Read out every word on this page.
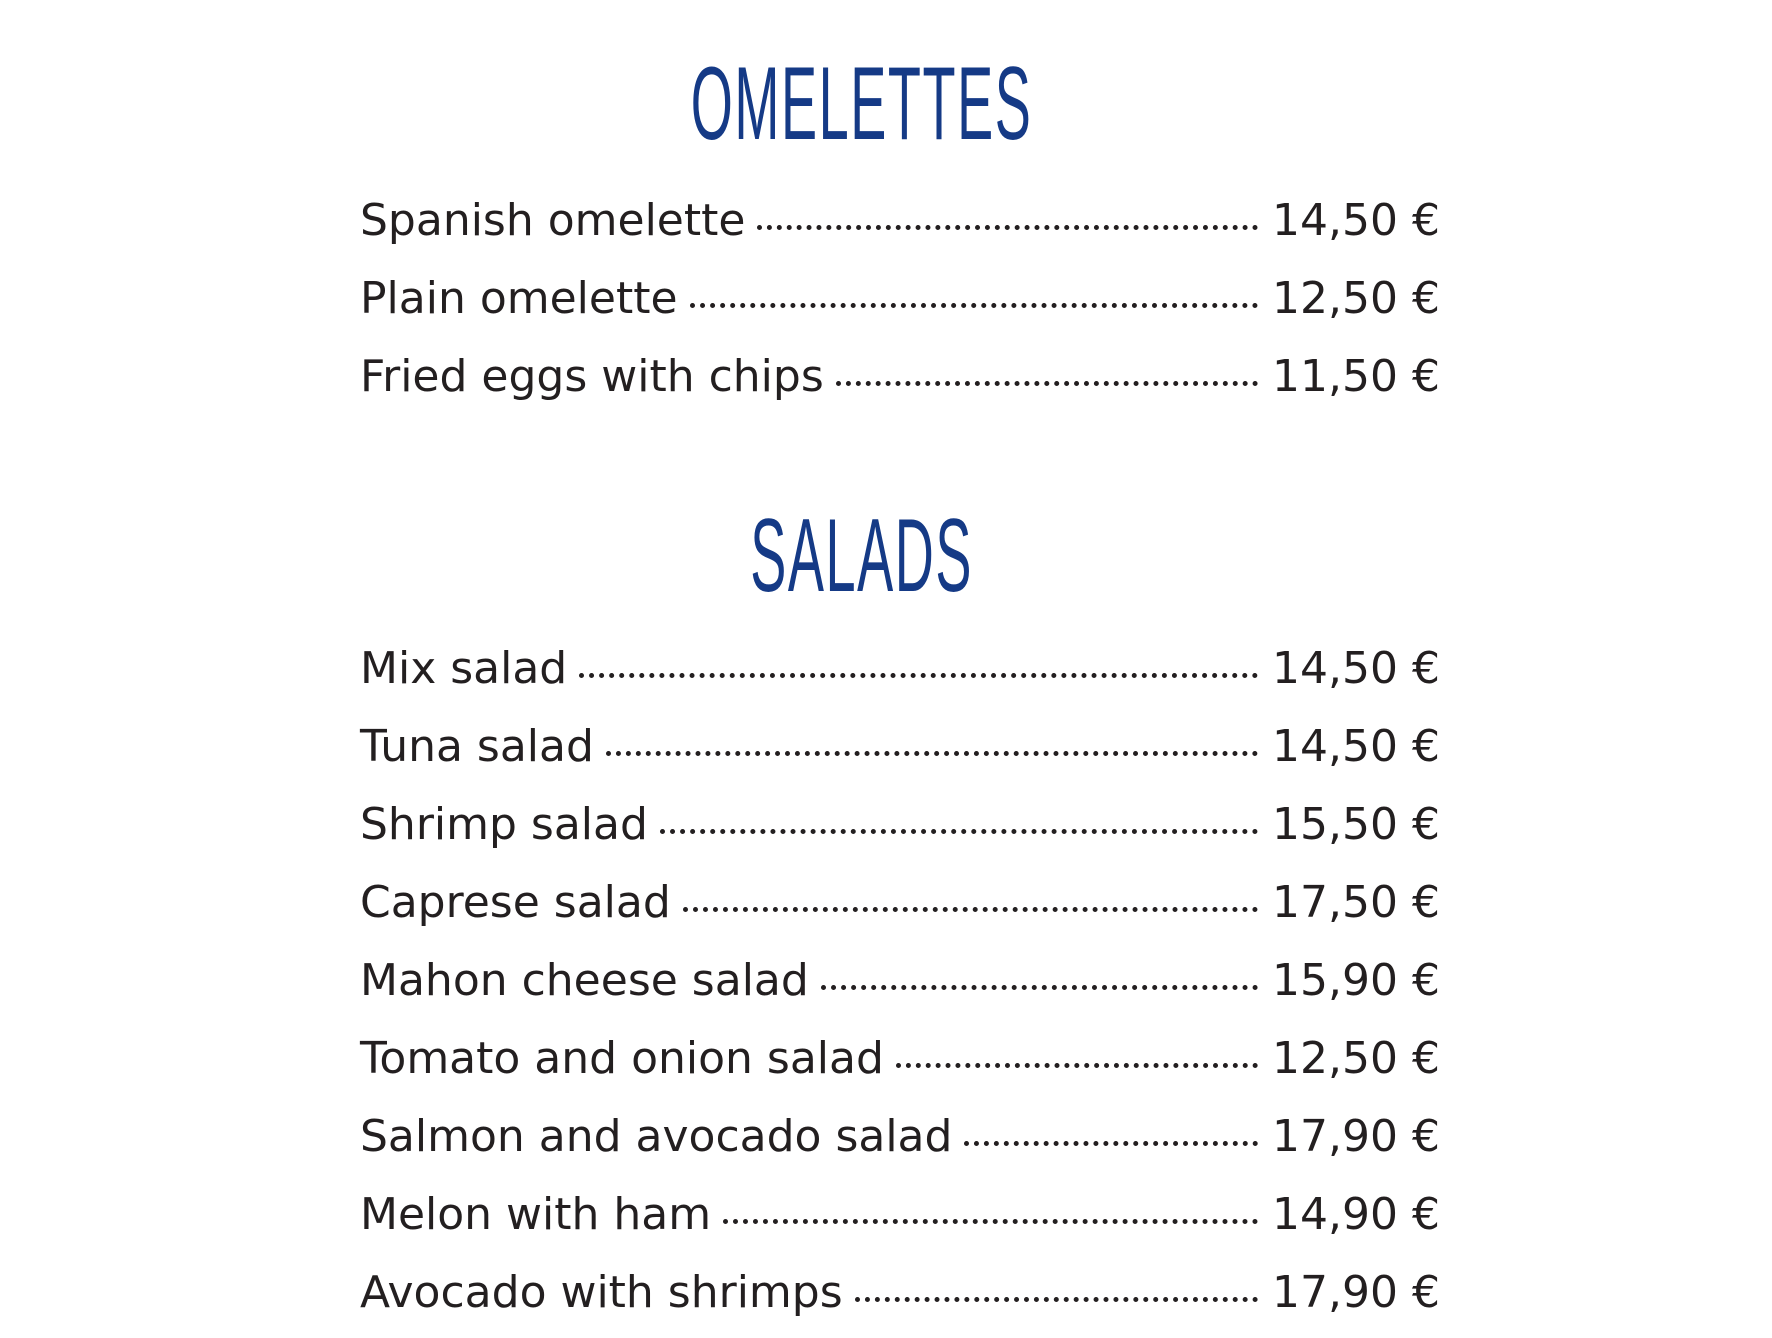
OMELETTES
Spanish omelette	14,50 €
Plain omelette	12,50 €
Fried eggs with chips	11,50 €
SALADS
Mix salad	14,50 €
Tuna salad	14,50 €
Shrimp salad	15,50 €
Caprese salad	17,50 €
Mahon cheese salad	15,90 €
Tomato and onion salad	12,50 €
Salmon and avocado salad	17,90 €
Melon with ham	14,90 €
Avocado with shrimps	17,90 €
